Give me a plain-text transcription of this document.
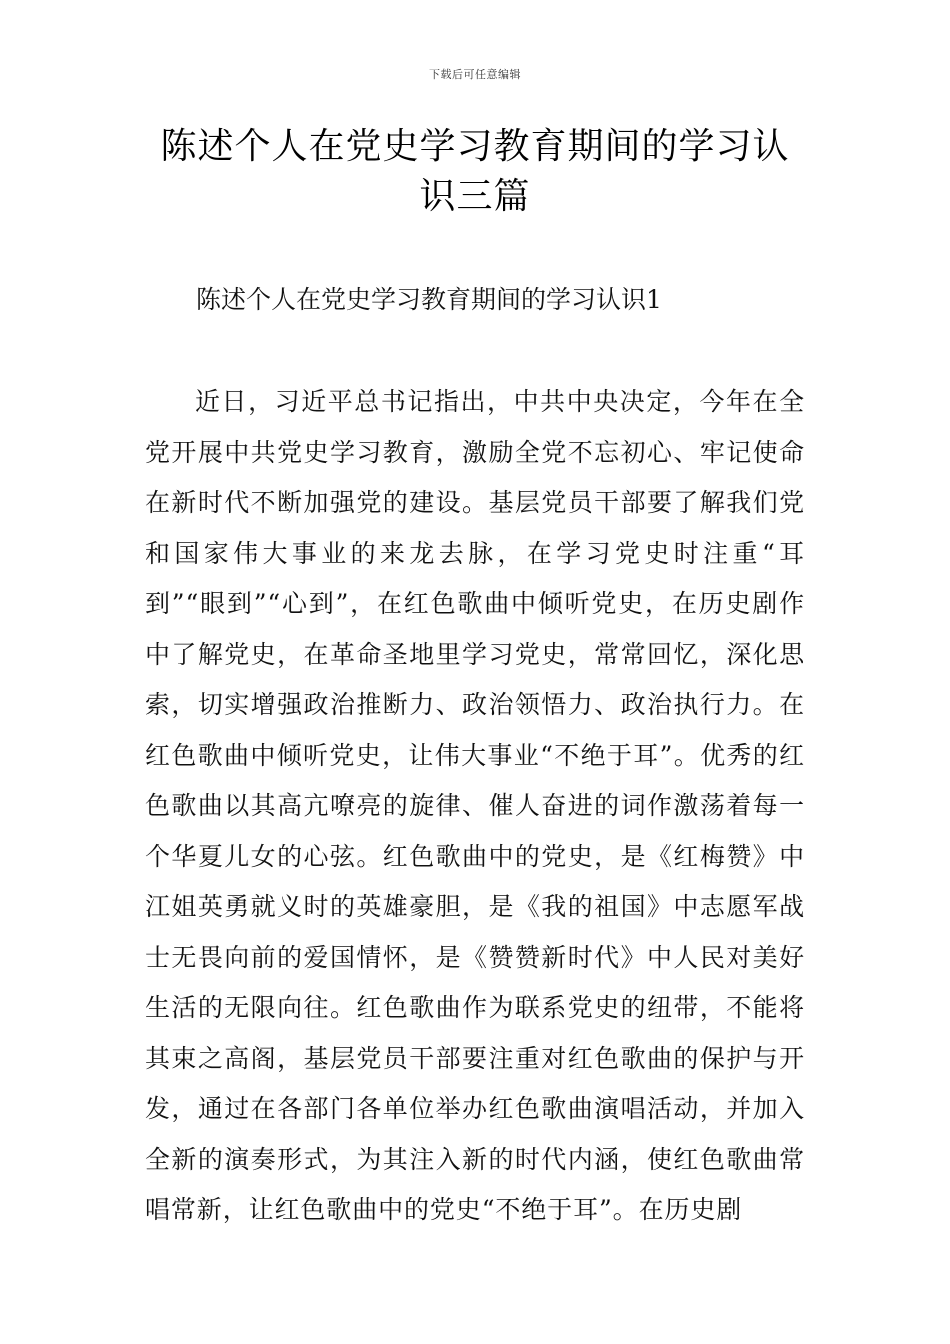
下载后可任意编辑
陈述个人在党史学习教育期间的学习认识三篇
陈述个人在党史学习教育期间的学习认识1

近日，习近平总书记指出，中共中央决定，今年在全党开展中共党史学习教育，激励全党不忘初心、牢记使命在新时代不断加强党的建设。基层党员干部要了解我们党和国家伟大事业的来龙去脉，在学习党史时注重“耳到”“眼到”“心到”，在红色歌曲中倾听党史，在历史剧作中了解党史，在革命圣地里学习党史，常常回忆，深化思索，切实增强政治推断力、政治领悟力、政治执行力。在红色歌曲中倾听党史，让伟大事业“不绝于耳”。优秀的红色歌曲以其高亢嘹亮的旋律、催人奋进的词作激荡着每一个华夏儿女的心弦。红色歌曲中的党史，是《红梅赞》中江姐英勇就义时的英雄豪胆，是《我的祖国》中志愿军战士无畏向前的爱国情怀，是《赞赞新时代》中人民对美好生活的无限向往。红色歌曲作为联系党史的纽带，不能将其束之高阁，基层党员干部要注重对红色歌曲的保护与开发，通过在各部门各单位举办红色歌曲演唱活动，并加入全新的演奏形式，为其注入新的时代内涵，使红色歌曲常唱常新，让红色歌曲中的党史“不绝于耳”。在历史剧
